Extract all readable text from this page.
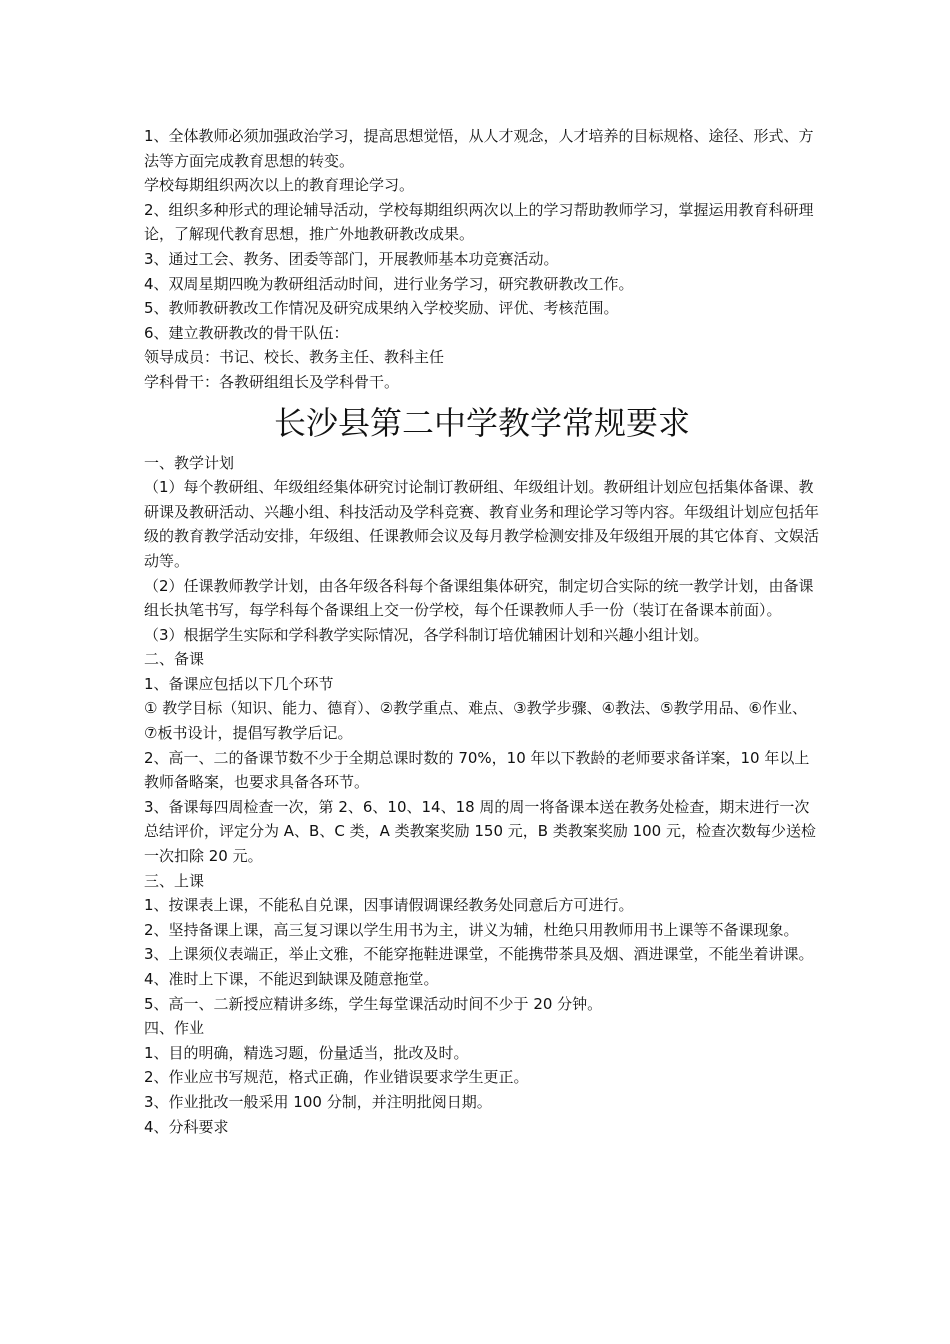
1、全体教师必须加强政治学习，提高思想觉悟，从人才观念，人才培养的目标规格、途径、形式、方法等方面完成教育思想的转变。

学校每期组织两次以上的教育理论学习。

2、组织多种形式的理论辅导活动，学校每期组织两次以上的学习帮助教师学习，掌握运用教育科研理论，了解现代教育思想，推广外地教研教改成果。

3、通过工会、教务、团委等部门，开展教师基本功竞赛活动。

4、双周星期四晚为教研组活动时间，进行业务学习，研究教研教改工作。

5、教师教研教改工作情况及研究成果纳入学校奖励、评优、考核范围。

6、建立教研教改的骨干队伍：

领导成员：书记、校长、教务主任、教科主任

学科骨干：各教研组组长及学科骨干。

长沙县第二中学教学常规要求

一、教学计划

（1）每个教研组、年级组经集体研究讨论制订教研组、年级组计划。教研组计划应包括集体备课、教研课及教研活动、兴趣小组、科技活动及学科竞赛、教育业务和理论学习等内容。年级组计划应包括年级的教育教学活动安排，年级组、任课教师会议及每月教学检测安排及年级组开展的其它体育、文娱活动等。

（2）任课教师教学计划，由各年级各科每个备课组集体研究，制定切合实际的统一教学计划，由备课组长执笔书写，每学科每个备课组上交一份学校，每个任课教师人手一份（装订在备课本前面）。

（3）根据学生实际和学科教学实际情况，各学科制订培优辅困计划和兴趣小组计划。

二、备课

1、备课应包括以下几个环节

① 教学目标（知识、能力、德育）、②教学重点、难点、③教学步骤、④教法、⑤教学用品、⑥作业、⑦板书设计，提倡写教学后记。

2、高一、二的备课节数不少于全期总课时数的 70%，10 年以下教龄的老师要求备详案，10 年以上教师备略案，也要求具备各环节。

3、备课每四周检查一次，第 2、6、10、14、18 周的周一将备课本送在教务处检查，期末进行一次总结评价，评定分为 A、B、C 类，A 类教案奖励 150 元，B 类教案奖励 100 元，检查次数每少送检一次扣除 20 元。

三、上课

1、按课表上课，不能私自兑课，因事请假调课经教务处同意后方可进行。

2、坚持备课上课，高三复习课以学生用书为主，讲义为辅，杜绝只用教师用书上课等不备课现象。

3、上课须仪表端正，举止文雅，不能穿拖鞋进课堂，不能携带茶具及烟、酒进课堂，不能坐着讲课。

4、准时上下课，不能迟到缺课及随意拖堂。

5、高一、二新授应精讲多练，学生每堂课活动时间不少于 20 分钟。

四、作业

1、目的明确，精选习题，份量适当，批改及时。

2、作业应书写规范，格式正确，作业错误要求学生更正。

3、作业批改一般采用 100 分制，并注明批阅日期。

4、分科要求
